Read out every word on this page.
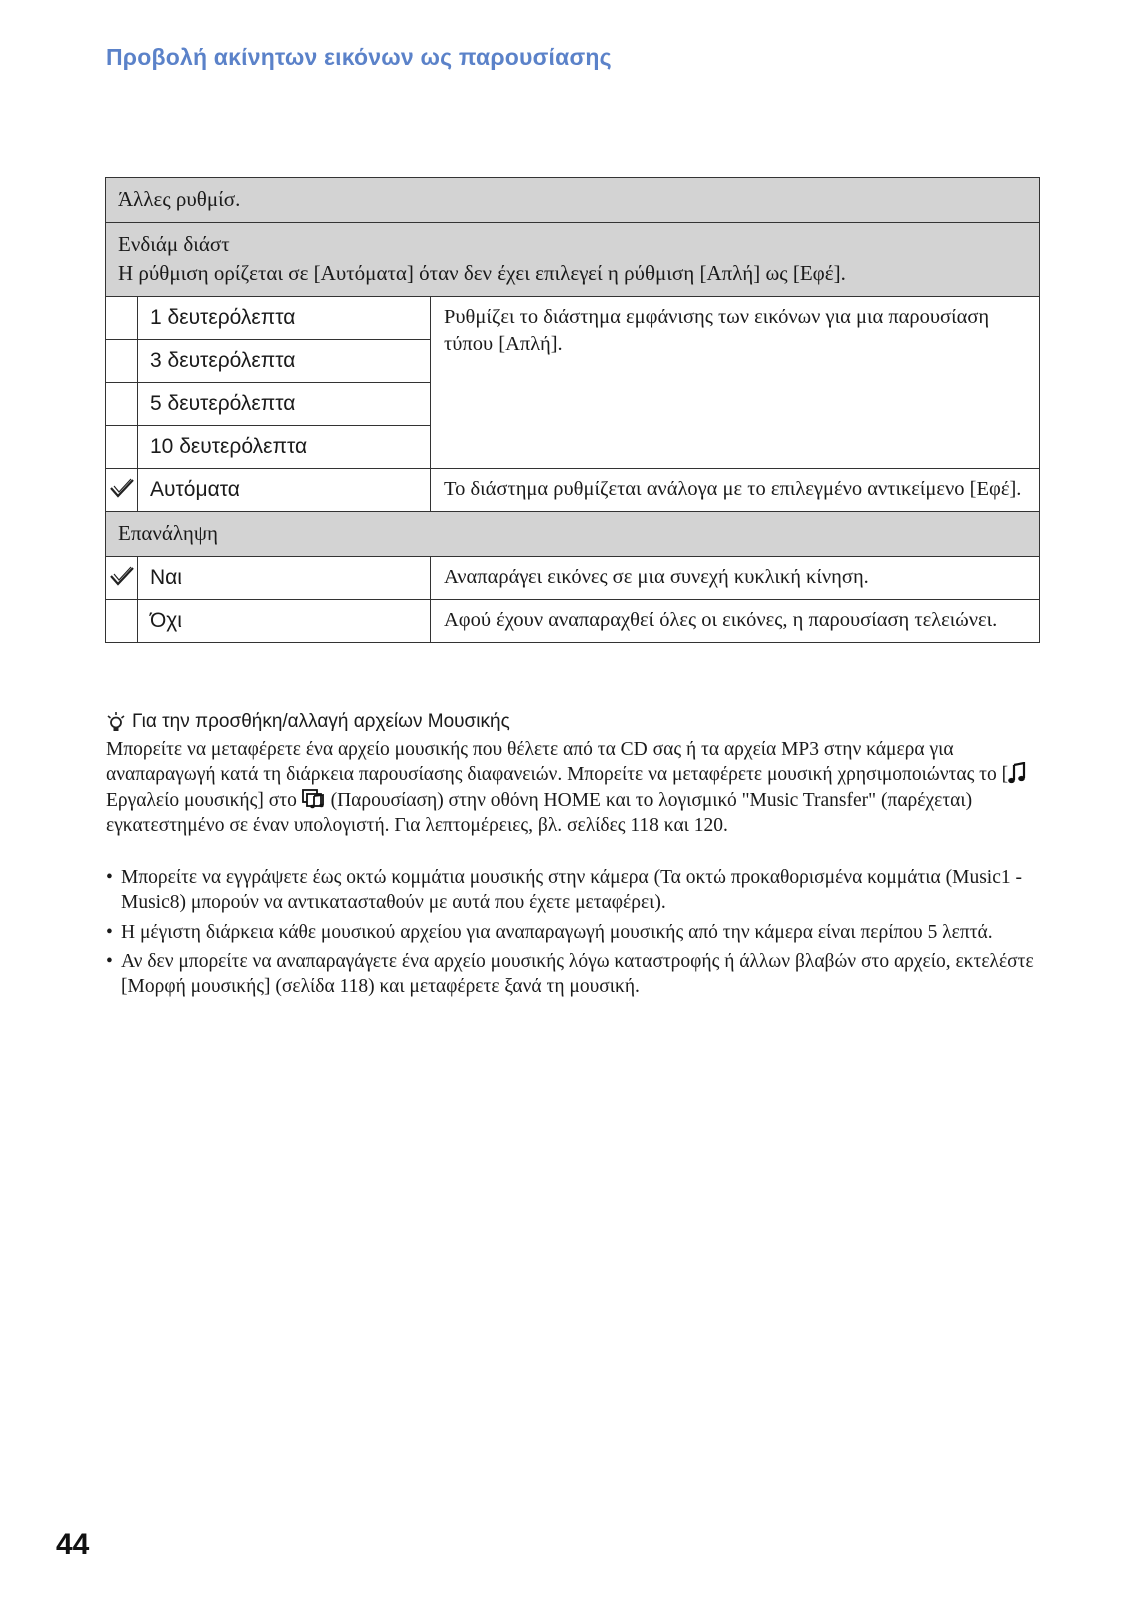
Προβολή ακίνητων εικόνων ως παρουσίασης
Άλλες ρυθμίσ.		
Ενδιάμ διάστ
Η ρύθμιση ορίζεται σε [Αυτόματα] όταν δεν έχει επιλεγεί η ρύθμιση [Απλή] ως [Εφέ].		

	1 δευτερόλεπτα	Ρυθμίζει το διάστημα εμφάνισης των εικόνων για μια παρουσίαση τύπου [Απλή].
	3 δευτερόλεπτα	
	5 δευτερόλεπτα	
	10 δευτερόλεπτα	
	Αυτόματα	Το διάστημα ρυθμίζεται ανάλογα με το επιλεγμένο αντικείμενο [Εφέ].
Επανάληψη		
	Ναι	Αναπαράγει εικόνες σε μια συνεχή κυκλική κίνηση.
	Όχι	Αφού έχουν αναπαραχθεί όλες οι εικόνες, η παρουσίαση τελειώνει.
Για την προσθήκη/αλλαγή αρχείων Μουσικής
Μπορείτε να μεταφέρετε ένα αρχείο μουσικής που θέλετε από τα CD σας ή τα αρχεία MP3 στην κάμερα για αναπαραγωγή κατά τη διάρκεια παρουσίασης διαφανειών. Μπορείτε να μεταφέρετε μουσική χρησιμοποιώντας το [ Εργαλείο μουσικής] στο  (Παρουσίαση) στην οθόνη HOME και το λογισμικό "Music Transfer" (παρέχεται) εγκατεστημένο σε έναν υπολογιστή. Για λεπτομέρειες, βλ. σελίδες 118 και 120.
• Μπορείτε να εγγράψετε έως οκτώ κομμάτια μουσικής στην κάμερα (Τα οκτώ προκαθορισμένα κομμάτια (Music1 - Music8) μπορούν να αντικατασταθούν με αυτά που έχετε μεταφέρει).
• Η μέγιστη διάρκεια κάθε μουσικού αρχείου για αναπαραγωγή μουσικής από την κάμερα είναι περίπου 5 λεπτά.
• Αν δεν μπορείτε να αναπαραγάγετε ένα αρχείο μουσικής λόγω καταστροφής ή άλλων βλαβών στο αρχείο, εκτελέστε [Μορφή μουσικής] (σελίδα 118) και μεταφέρετε ξανά τη μουσική.
44
